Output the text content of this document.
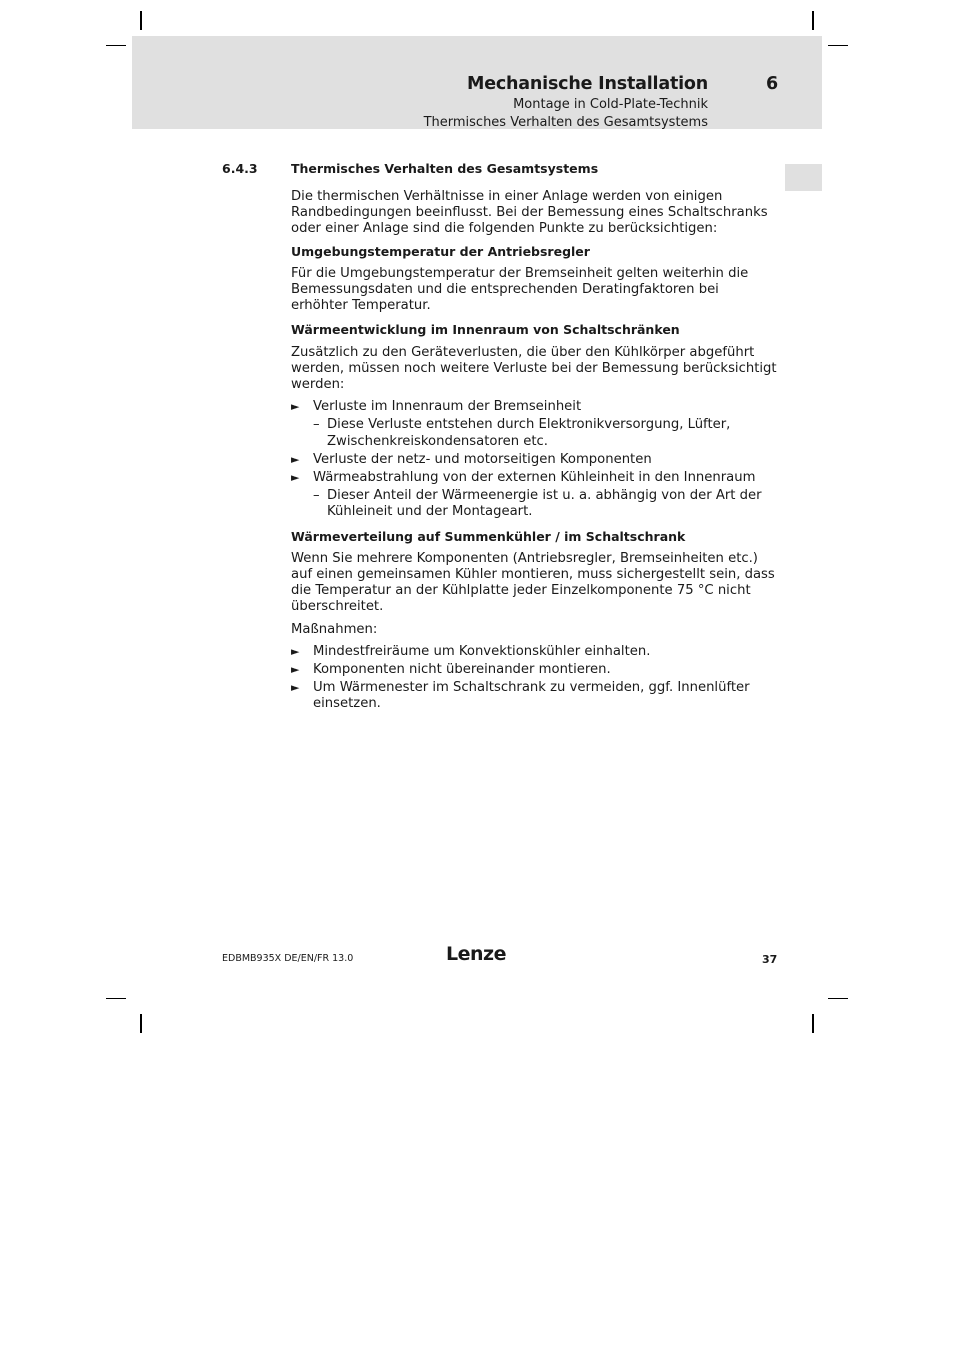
Mechanische Installation	6
Montage in Cold-Plate-Technik
Thermisches Verhalten des Gesamtsystems
6.4.3	Thermisches Verhalten des Gesamtsystems

Die thermischen Verhältnisse in einer Anlage werden von einigen Randbedingungen beeinflusst. Bei der Bemessung eines Schaltschranks oder einer Anlage sind die folgenden Punkte zu berücksichtigen:

Umgebungstemperatur der Antriebsregler

Für die Umgebungstemperatur der Bremseinheit gelten weiterhin die Bemessungsdaten und die entsprechenden Deratingfaktoren bei erhöhter Temperatur.

Wärmeentwicklung im Innenraum von Schaltschränken

Zusätzlich zu den Geräteverlusten, die über den Kühlkörper abgeführt werden, müssen noch weitere Verluste bei der Bemessung berücksichtigt werden:

► Verluste im Innenraum der Bremseinheit
– Diese Verluste entstehen durch Elektronikversorgung, Lüfter, Zwischenkreiskondensatoren etc.
► Verluste der netz- und motorseitigen Komponenten
► Wärmeabstrahlung von der externen Kühleinheit in den Innenraum
– Dieser Anteil der Wärmeenergie ist u. a. abhängig von der Art der Kühleineit und der Montageart.

Wärmeverteilung auf Summenkühler / im Schaltschrank

Wenn Sie mehrere Komponenten (Antriebsregler, Bremseinheiten etc.) auf einen gemeinsamen Kühler montieren, muss sichergestellt sein, dass die Temperatur an der Kühlplatte jeder Einzelkomponente 75 °C nicht überschreitet.

Maßnahmen:

► Mindestfreiräume um Konvektionskühler einhalten.
► Komponenten nicht übereinander montieren.
► Um Wärmenester im Schaltschrank zu vermeiden, ggf. Innenlüfter einsetzen.
EDBMB935X DE/EN/FR 13.0	Lenze	37
